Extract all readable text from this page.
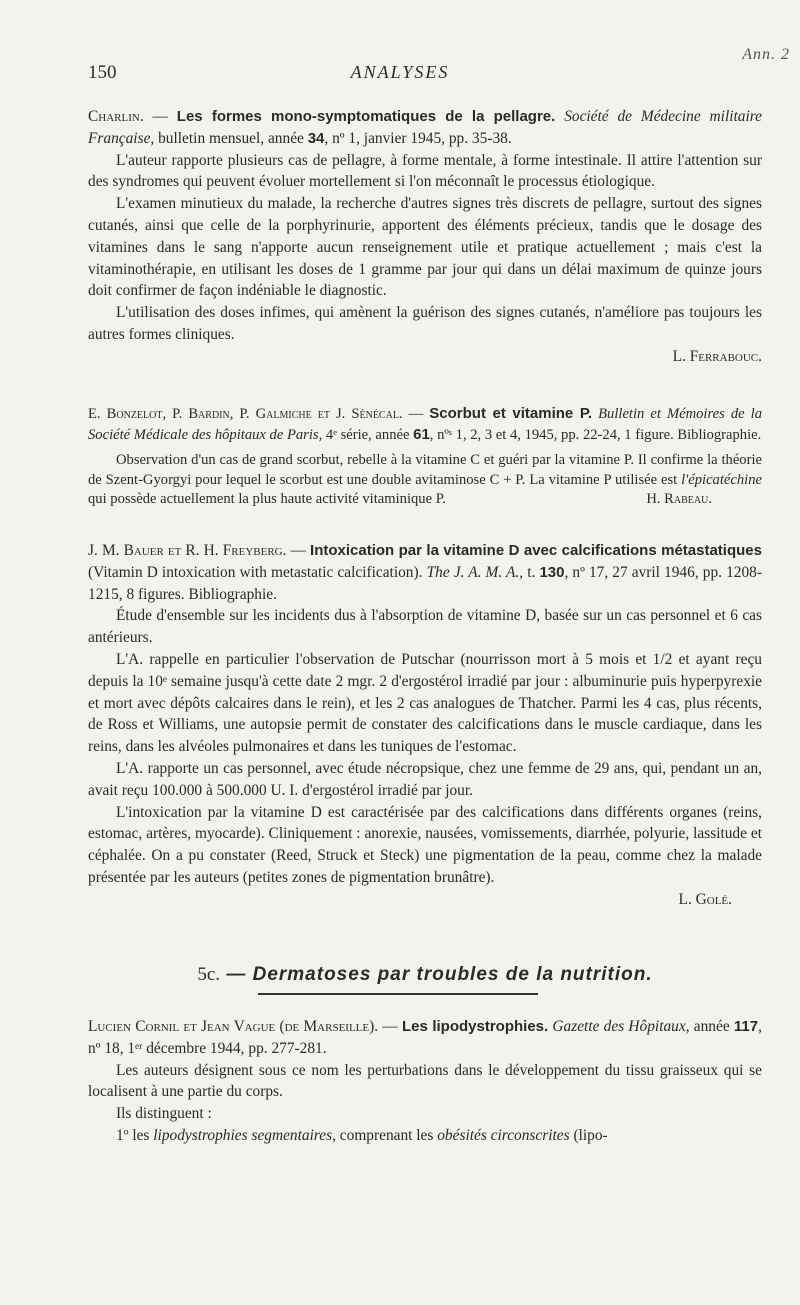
Ann. 2
150	ANALYSES

Charlin. — Les formes mono-symptomatiques de la pellagre. Société de Médecine militaire Française, bulletin mensuel, année 34, nº 1, janvier 1945, pp. 35-38.

L'auteur rapporte plusieurs cas de pellagre, à forme mentale, à forme intestinale. Il attire l'attention sur des syndromes qui peuvent évoluer mortellement si l'on méconnaît le processus étiologique.

L'examen minutieux du malade, la recherche d'autres signes très discrets de pellagre, surtout des signes cutanés, ainsi que celle de la porphyrinurie, apportent des éléments précieux, tandis que le dosage des vitamines dans le sang n'apporte aucun renseignement utile et pratique actuellement ; mais c'est la vitaminothérapie, en utilisant les doses de 1 gramme par jour qui dans un délai maximum de quinze jours doit confirmer de façon indéniable le diagnostic.

L'utilisation des doses infimes, qui amènent la guérison des signes cutanés, n'améliore pas toujours les autres formes cliniques.

L. Ferrabouc.

E. Bonzelot, P. Bardin, P. Galmiche et J. Sénécal. — Scorbut et vitamine P. Bulletin et Mémoires de la Société Médicale des hôpitaux de Paris, 4ᵉ série, année 61, nºˢ 1, 2, 3 et 4, 1945, pp. 22-24, 1 figure. Bibliographie.

Observation d'un cas de grand scorbut, rebelle à la vitamine C et guéri par la vitamine P. Il confirme la théorie de Szent-Gyorgyi pour lequel le scorbut est une double avitaminose C + P. La vitamine P utilisée est l'épicatéchine qui possède actuellement la plus haute activité vitaminique P.	H. Rabeau.

J. M. Bauer et R. H. Freyberg. — Intoxication par la vitamine D avec calcifications métastatiques (Vitamin D intoxication with metastatic calcification). The J. A. M. A., t. 130, nº 17, 27 avril 1946, pp. 1208-1215, 8 figures. Bibliographie.

Étude d'ensemble sur les incidents dus à l'absorption de vitamine D, basée sur un cas personnel et 6 cas antérieurs.

L'A. rappelle en particulier l'observation de Putschar (nourrisson mort à 5 mois et 1/2 et ayant reçu depuis la 10ᵉ semaine jusqu'à cette date 2 mgr. 2 d'ergostérol irradié par jour : albuminurie puis hyperpyrexie et mort avec dépôts calcaires dans le rein), et les 2 cas analogues de Thatcher. Parmi les 4 cas, plus récents, de Ross et Williams, une autopsie permit de constater des calcifications dans le muscle cardiaque, dans les reins, dans les alvéoles pulmonaires et dans les tuniques de l'estomac.

L'A. rapporte un cas personnel, avec étude nécropsique, chez une femme de 29 ans, qui, pendant un an, avait reçu 100.000 à 500.000 U. I. d'ergostérol irradié par jour.

L'intoxication par la vitamine D est caractérisée par des calcifications dans différents organes (reins, estomac, artères, myocarde). Cliniquement : anorexie, nausées, vomissements, diarrhée, polyurie, lassitude et céphalée. On a pu constater (Reed, Struck et Steck) une pigmentation de la peau, comme chez la malade présentée par les auteurs (petites zones de pigmentation brunâtre).

L. Golé.

5c. — Dermatoses par troubles de la nutrition.

Lucien Cornil et Jean Vague (de Marseille). — Les lipodystrophies. Gazette des Hôpitaux, année 117, nº 18, 1ᵉʳ décembre 1944, pp. 277-281.

Les auteurs désignent sous ce nom les perturbations dans le développement du tissu graisseux qui se localisent à une partie du corps.

Ils distinguent :

1º les lipodystrophies segmentaires, comprenant les obésités circonscrites (lipo-
